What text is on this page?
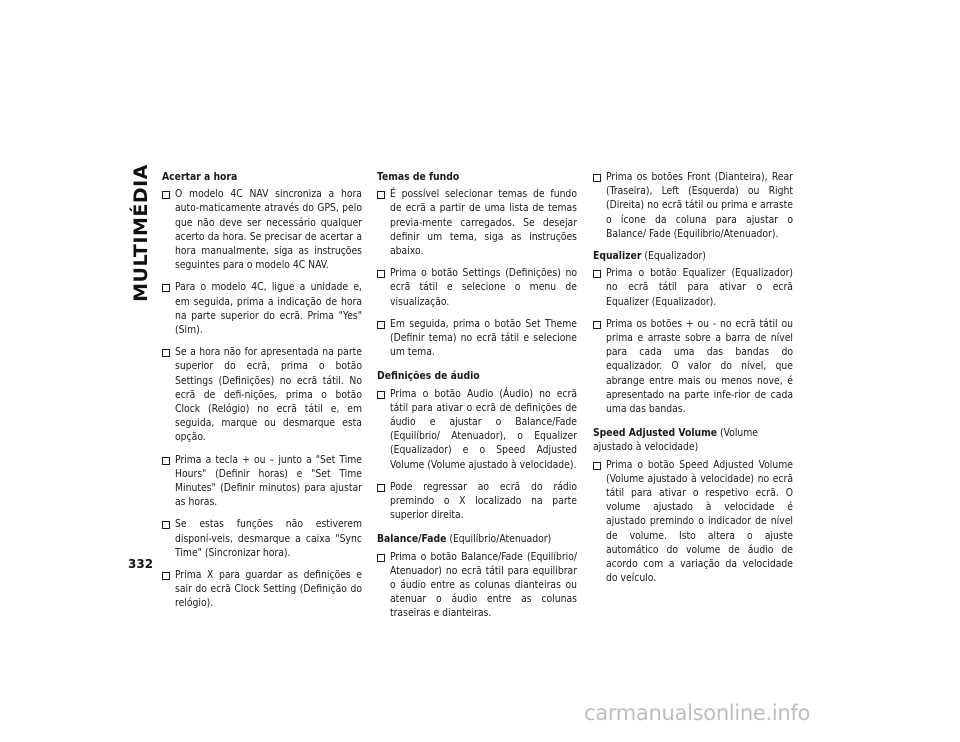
MULTIMÉDIA Acertar a hora
O modelo 4C NAV sincroniza a hora auto-maticamente através do GPS, pelo que não deve ser necessário qualquer acerto da hora. Se precisar de acertar a hora manualmente, siga as instruções seguintes para o modelo 4C NAV.
Para o modelo 4C, ligue a unidade e, em seguida, prima a indicação de hora na parte superior do ecrã. Prima "Yes" (Sim).
Se a hora não for apresentada na parte superior do ecrã, prima o botão Settings (Definições) no ecrã tátil. No ecrã de defi-nições, prima o botão Clock (Relógio) no ecrã tátil e, em seguida, marque ou desmarque esta opção.
Prima a tecla + ou – junto a "Set Time Hours" (Definir horas) e "Set Time Minutes" (Definir minutos) para ajustar as horas.
Se estas funções não estiverem disponí-veis, desmarque a caixa "Sync Time" (Sincronizar hora).
Prima X para guardar as definições e sair do ecrã Clock Setting (Definição do relógio).
Temas de fundo
É possível selecionar temas de fundo de ecrã a partir de uma lista de temas previa-mente carregados. Se desejar definir um tema, siga as instruções abaixo.
Prima o botão Settings (Definições) no ecrã tátil e selecione o menu de visualização.
Em seguida, prima o botão Set Theme (Definir tema) no ecrã tátil e selecione um tema.
Definições de áudio
Prima o botão Audio (Áudio) no ecrã tátil para ativar o ecrã de definições de áudio e ajustar o Balance/Fade (Equilíbrio/ Atenuador), o Equalizer (Equalizador) e o Speed Adjusted Volume (Volume ajustado à velocidade).
Pode regressar ao ecrã do rádio premindo o X localizado na parte superior direita.
Balance/Fade (Equilíbrio/Atenuador)
Prima o botão Balance/Fade (Equilíbrio/ Atenuador) no ecrã tátil para equilibrar o áudio entre as colunas dianteiras ou atenuar o áudio entre as colunas traseiras e dianteiras.
Prima os botões Front (Dianteira), Rear (Traseira), Left (Esquerda) ou Right (Direita) no ecrã tátil ou prima e arraste o ícone da coluna para ajustar o Balance/ Fade (Equilíbrio/Atenuador).
Equalizer (Equalizador)
Prima o botão Equalizer (Equalizador) no ecrã tátil para ativar o ecrã Equalizer (Equalizador).
Prima os botões + ou - no ecrã tátil ou prima e arraste sobre a barra de nível para cada uma das bandas do equalizador. O valor do nível, que abrange entre mais ou menos nove, é apresentado na parte infe-rior de cada uma das bandas.
Speed Adjusted Volume (Volume ajustado à velocidade)
Prima o botão Speed Adjusted Volume (Volume ajustado à velocidade) no ecrã tátil para ativar o respetivo ecrã. O volume ajustado à velocidade é ajustado premindo o indicador de nível de volume. Isto altera o ajuste automático do volume de áudio de acordo com a variação da velocidade do veículo.
332
carmanualsonline.info
